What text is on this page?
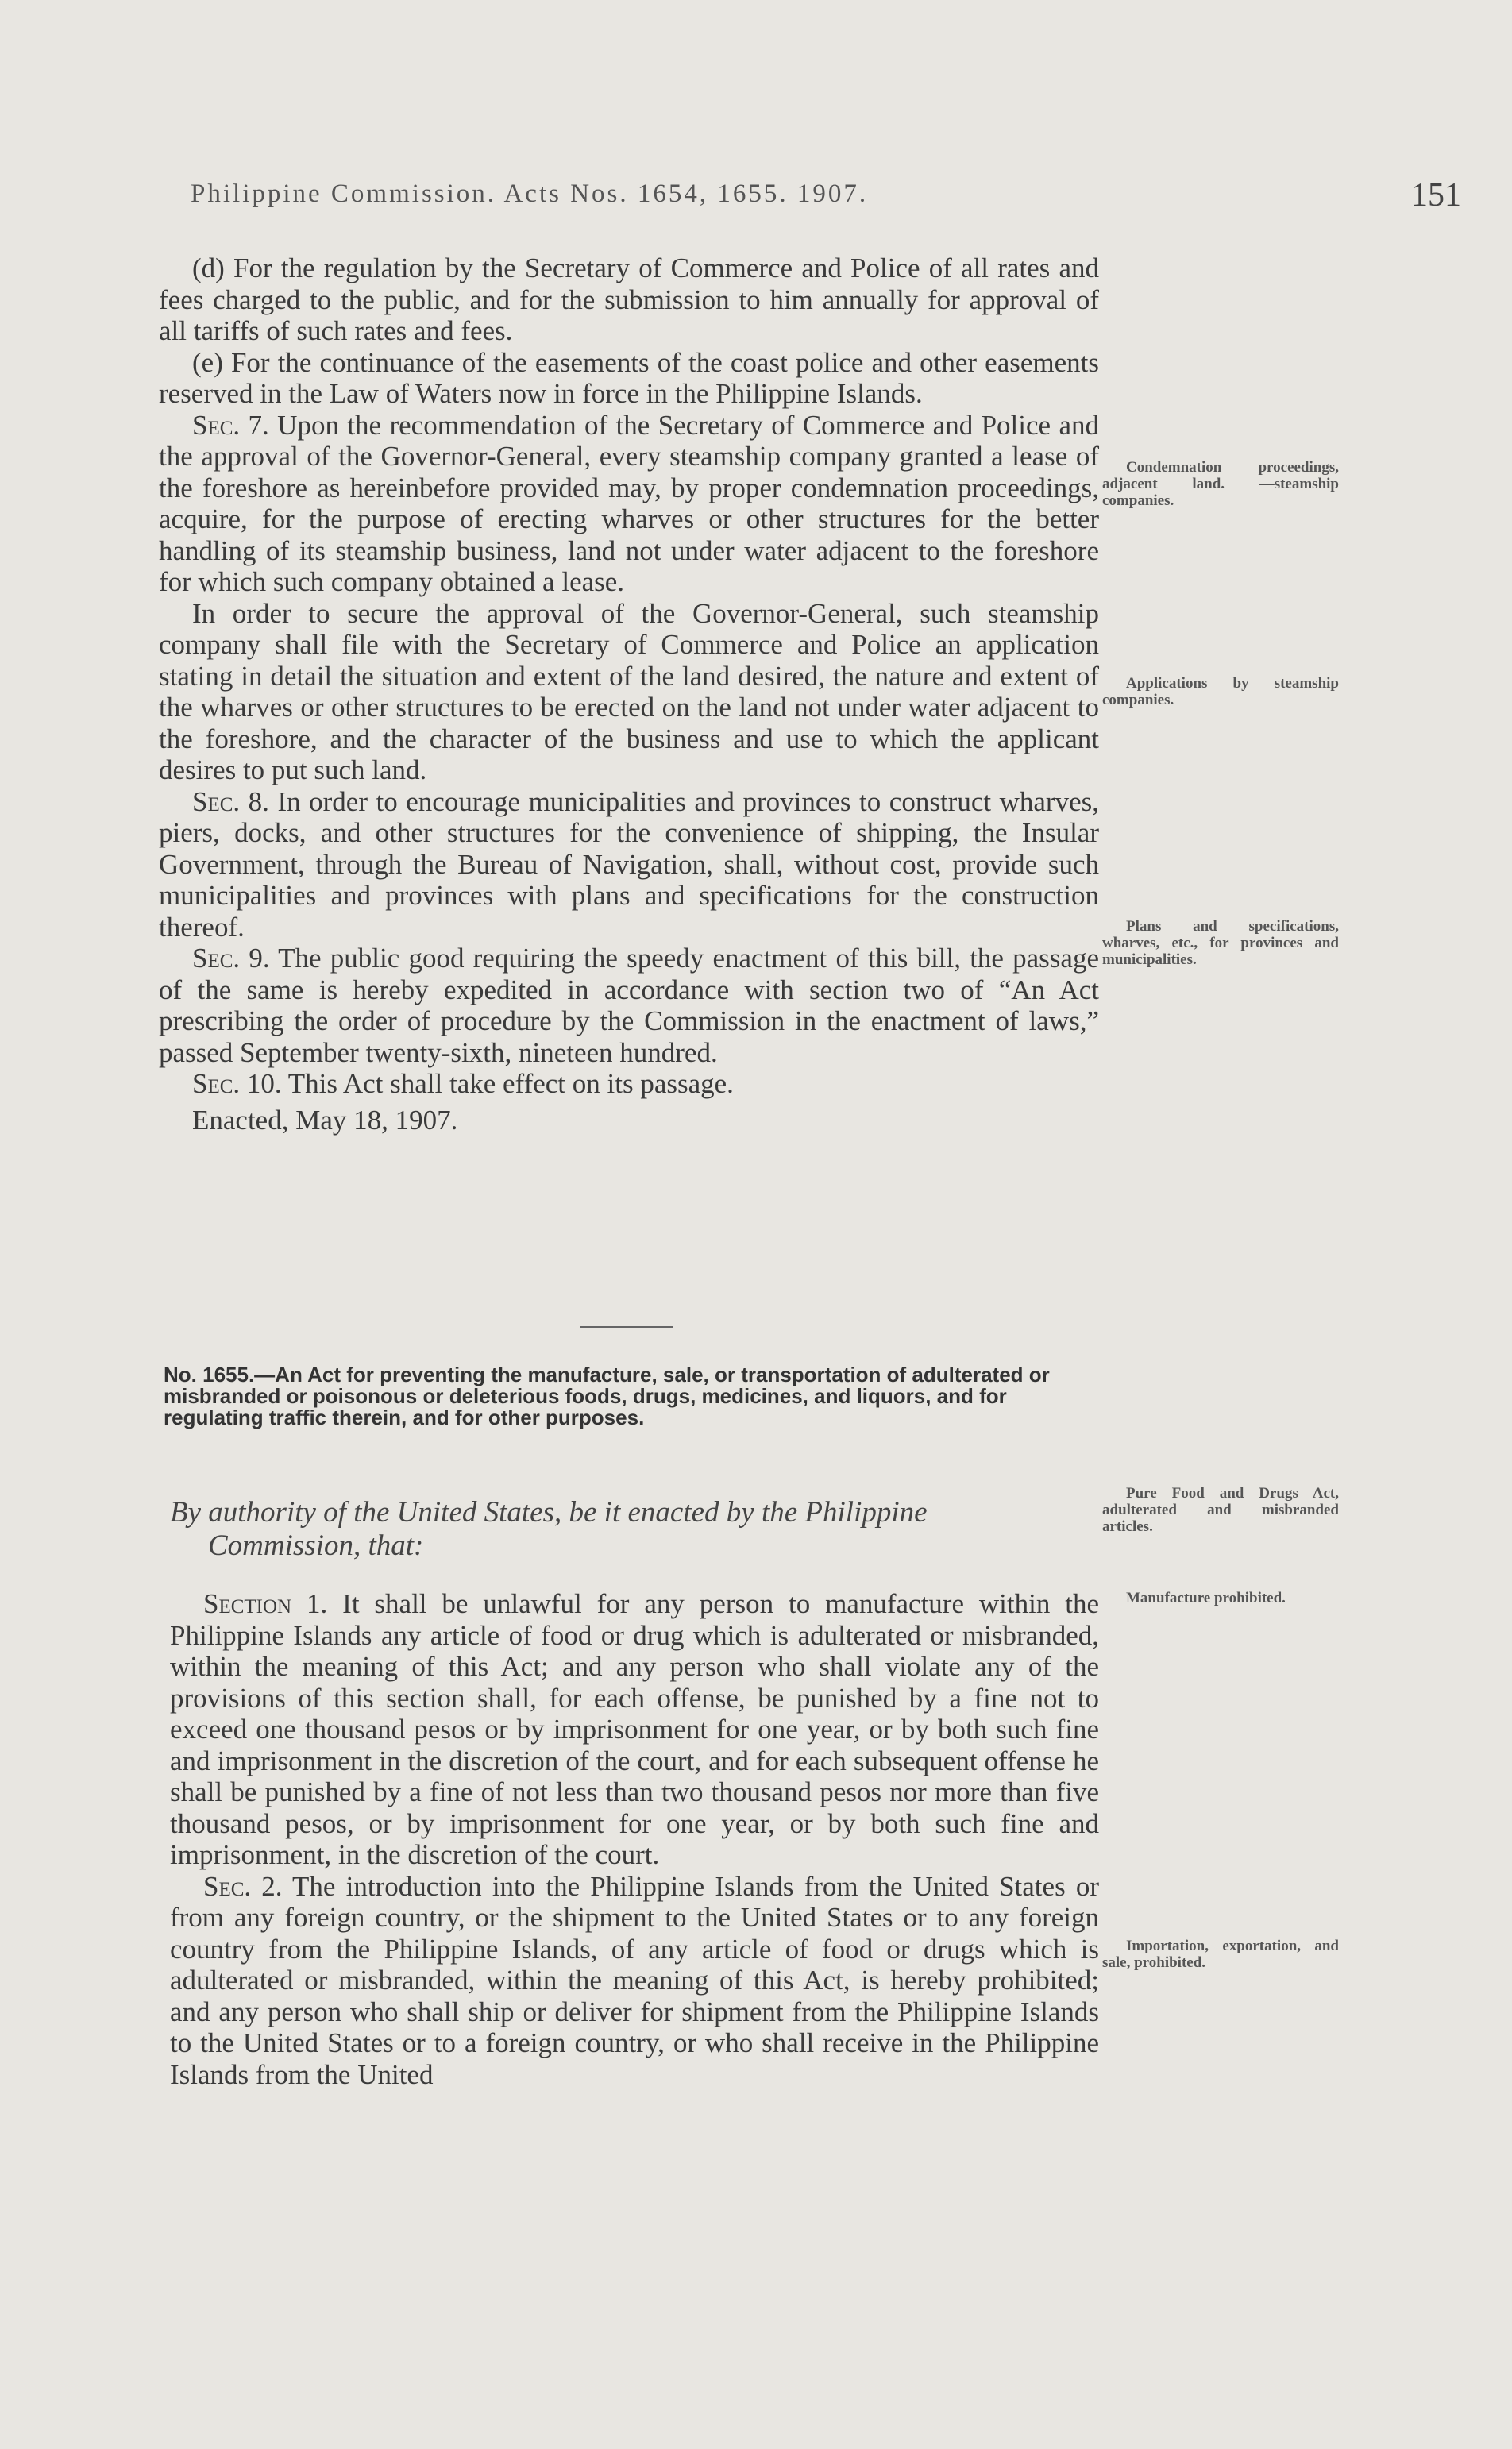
Philippine Commission. Acts Nos. 1654, 1655. 1907.	151

(d) For the regulation by the Secretary of Commerce and Police of all rates and fees charged to the public, and for the submission to him annually for approval of all tariffs of such rates and fees.

(e) For the continuance of the easements of the coast police and other easements reserved in the Law of Waters now in force in the Philippine Islands.

Sec. 7. Upon the recommendation of the Secretary of Commerce and Police and the approval of the Governor-General, every steamship company granted a lease of the foreshore as hereinbefore provided may, by proper condemnation proceedings, acquire, for the purpose of erecting wharves or other structures for the better handling of its steamship business, land not under water adjacent to the foreshore for which such company obtained a lease.

In order to secure the approval of the Governor-General, such steamship company shall file with the Secretary of Commerce and Police an application stating in detail the situation and extent of the land desired, the nature and extent of the wharves or other structures to be erected on the land not under water adjacent to the foreshore, and the character of the business and use to which the applicant desires to put such land.

Sec. 8. In order to encourage municipalities and provinces to construct wharves, piers, docks, and other structures for the convenience of shipping, the Insular Government, through the Bureau of Navigation, shall, without cost, provide such municipalities and provinces with plans and specifications for the construction thereof.

Sec. 9. The public good requiring the speedy enactment of this bill, the passage of the same is hereby expedited in accordance with section two of “An Act prescribing the order of procedure by the Commission in the enactment of laws,” passed September twenty-sixth, nineteen hundred.

Sec. 10. This Act shall take effect on its passage.

Enacted, May 18, 1907.

Condemnation proceedings, adjacent land. —steamship companies.
Applications by steamship companies.
Plans and specifications, wharves, etc., for provinces and municipalities.
Pure Food and Drugs Act, adulterated and misbranded articles.
Manufacture prohibited.
Importation, exportation, and sale, prohibited.
No. 1655.—An Act for preventing the manufacture, sale, or transportation of adulterated or misbranded or poisonous or deleterious foods, drugs, medicines, and liquors, and for regulating traffic therein, and for other purposes.
By authority of the United States, be it enacted by the Philippine
Commission, that:

Section 1. It shall be unlawful for any person to manufacture within the Philippine Islands any article of food or drug which is adulterated or misbranded, within the meaning of this Act; and any person who shall violate any of the provisions of this section shall, for each offense, be punished by a fine not to exceed one thousand pesos or by imprisonment for one year, or by both such fine and imprisonment in the discretion of the court, and for each subsequent offense he shall be punished by a fine of not less than two thousand pesos nor more than five thousand pesos, or by imprisonment for one year, or by both such fine and imprisonment, in the discretion of the court.

Sec. 2. The introduction into the Philippine Islands from the United States or from any foreign country, or the shipment to the United States or to any foreign country from the Philippine Islands, of any article of food or drugs which is adulterated or misbranded, within the meaning of this Act, is hereby prohibited; and any person who shall ship or deliver for shipment from the Philippine Islands to the United States or to a foreign country, or who shall receive in the Philippine Islands from the United
